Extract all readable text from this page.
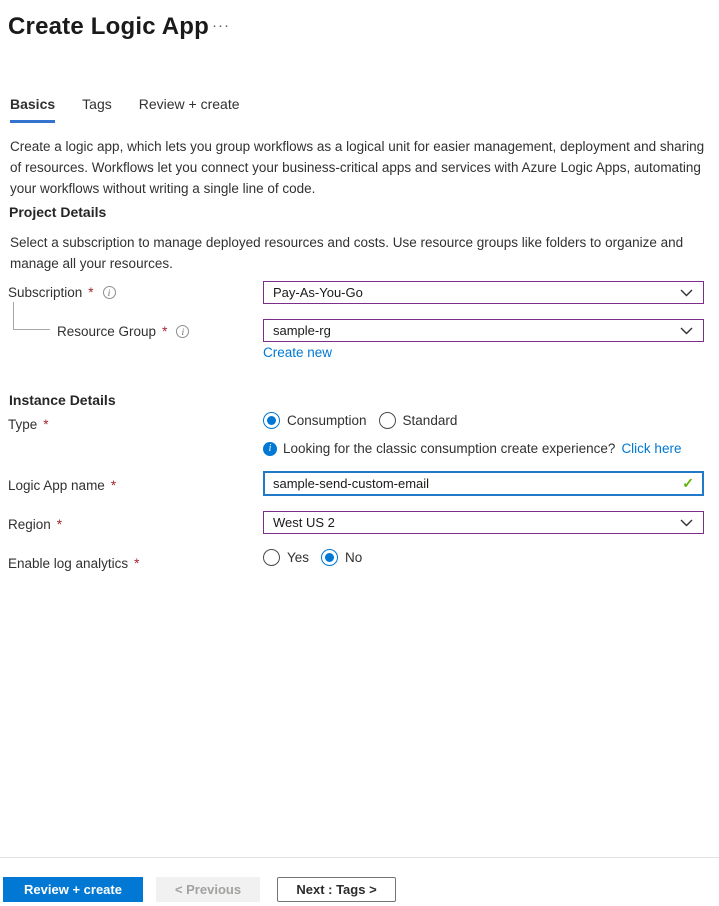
Create Logic App ···
Basics Tags Review + create

Create a logic app, which lets you group workflows as a logical unit for easier management, deployment and sharing of resources. Workflows let you connect your business-critical apps and services with Azure Logic Apps, automating your workflows without writing a single line of code.

Project Details

Select a subscription to manage deployed resources and costs. Use resource groups like folders to organize and manage all your resources.

Subscription *	i	Pay-As-You-Go
Resource Group *	i	sample-rg
Create new
Instance Details
Type *	Consumption	Standard
i Looking for the classic consumption create experience? Click here
Logic App name *	sample-send-custom-email	✓
Region *	West US 2
Enable log analytics *	Yes	No
Review + create	< Previous	Next : Tags >
